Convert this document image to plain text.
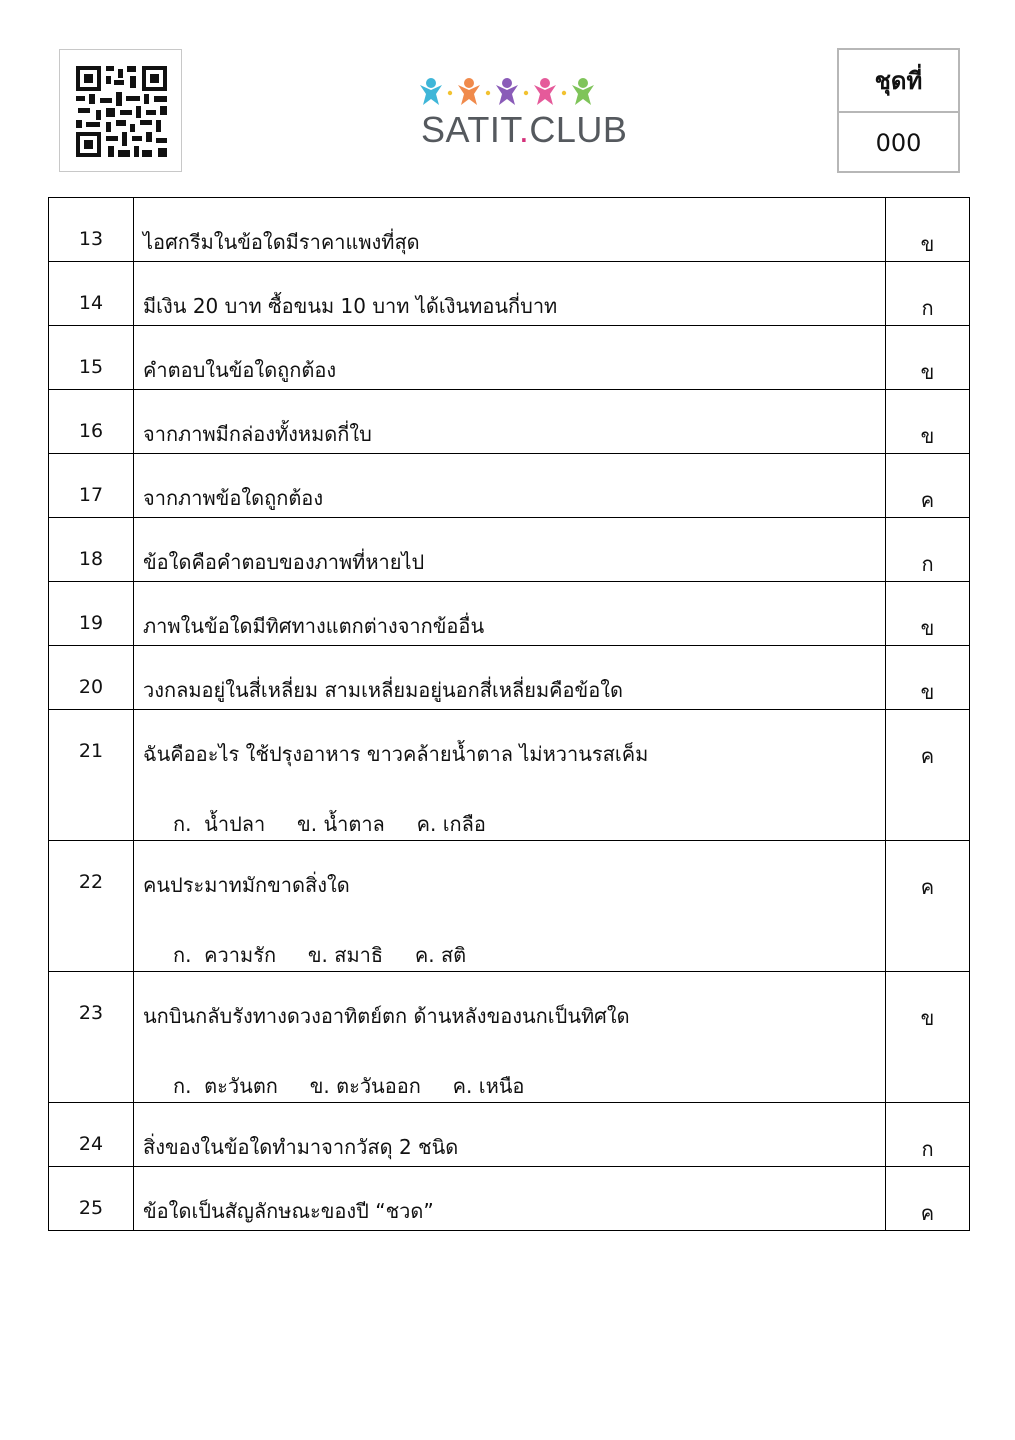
SATIT.CLUB
ชุดที่
000
13	ไอศกรีมในข้อใดมีราคาแพงที่สุด	ข
14	มีเงิน 20 บาท ซื้อขนม 10 บาท ได้เงินทอนกี่บาท	ก
15	คำตอบในข้อใดถูกต้อง	ข
16	จากภาพมีกล่องทั้งหมดกี่ใบ	ข
17	จากภาพข้อใดถูกต้อง	ค
18	ข้อใดคือคำตอบของภาพที่หายไป	ก
19	ภาพในข้อใดมีทิศทางแตกต่างจากข้ออื่น	ข
20	วงกลมอยู่ในสี่เหลี่ยม สามเหลี่ยมอยู่นอกสี่เหลี่ยมคือข้อใด	ข
21	ฉันคืออะไร ใช้ปรุงอาหาร ขาวคล้ายน้ำตาล ไม่หวานรสเค็ม
ก.  น้ำปลา     ข. น้ำตาล     ค. เกลือ	ค
22	คนประมาทมักขาดสิ่งใด
ก.  ความรัก     ข. สมาธิ     ค. สติ	ค
23	นกบินกลับรังทางดวงอาทิตย์ตก ด้านหลังของนกเป็นทิศใด
ก.  ตะวันตก     ข. ตะวันออก     ค. เหนือ	ข
24	สิ่งของในข้อใดทำมาจากวัสดุ 2 ชนิด	ก
25	ข้อใดเป็นสัญลักษณะของปี “ชวด”	ค
